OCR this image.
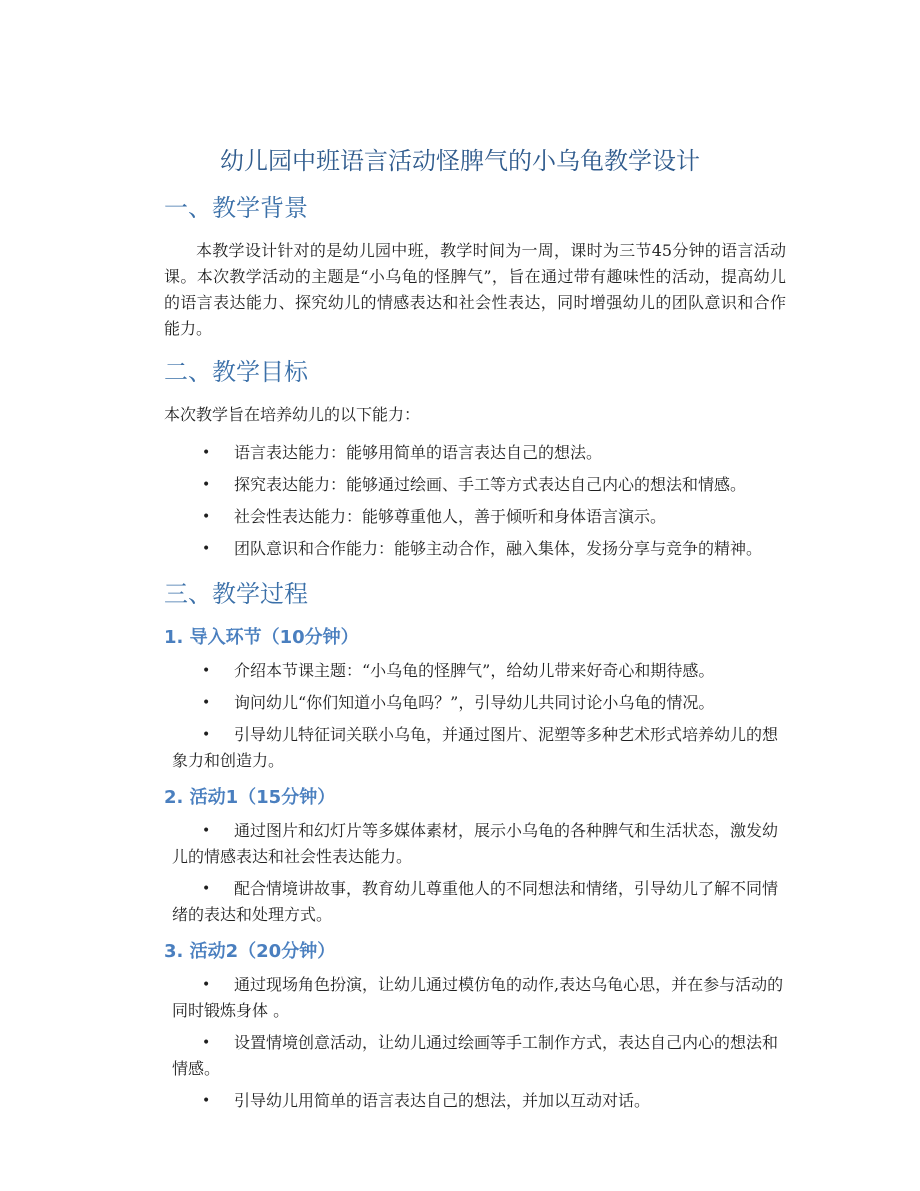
幼儿园中班语言活动怪脾气的小乌龟教学设计
一、教学背景

本教学设计针对的是幼儿园中班，教学时间为一周，课时为三节45分钟的语言活动课。本次教学活动的主题是“小乌龟的怪脾气”，旨在通过带有趣味性的活动，提高幼儿的语言表达能力、探究幼儿的情感表达和社会性表达，同时增强幼儿的团队意识和合作能力。

二、教学目标

本次教学旨在培养幼儿的以下能力：

• 语言表达能力：能够用简单的语言表达自己的想法。
• 探究表达能力：能够通过绘画、手工等方式表达自己内心的想法和情感。
• 社会性表达能力：能够尊重他人，善于倾听和身体语言演示。
• 团队意识和合作能力：能够主动合作，融入集体，发扬分享与竞争的精神。
三、教学过程
1. 导入环节（10分钟）
• 介绍本节课主题：“小乌龟的怪脾气”，给幼儿带来好奇心和期待感。
• 询问幼儿“你们知道小乌龟吗？”，引导幼儿共同讨论小乌龟的情况。
• 引导幼儿特征词关联小乌龟，并通过图片、泥塑等多种艺术形式培养幼儿的想象力和创造力。
2. 活动1（15分钟）
• 通过图片和幻灯片等多媒体素材，展示小乌龟的各种脾气和生活状态，激发幼儿的情感表达和社会性表达能力。
• 配合情境讲故事，教育幼儿尊重他人的不同想法和情绪，引导幼儿了解不同情绪的表达和处理方式。
3. 活动2（20分钟）
• 通过现场角色扮演，让幼儿通过模仿龟的动作,表达乌龟心思，并在参与活动的同时锻炼身体 。
• 设置情境创意活动，让幼儿通过绘画等手工制作方式，表达自己内心的想法和情感。
• 引导幼儿用简单的语言表达自己的想法，并加以互动对话。
